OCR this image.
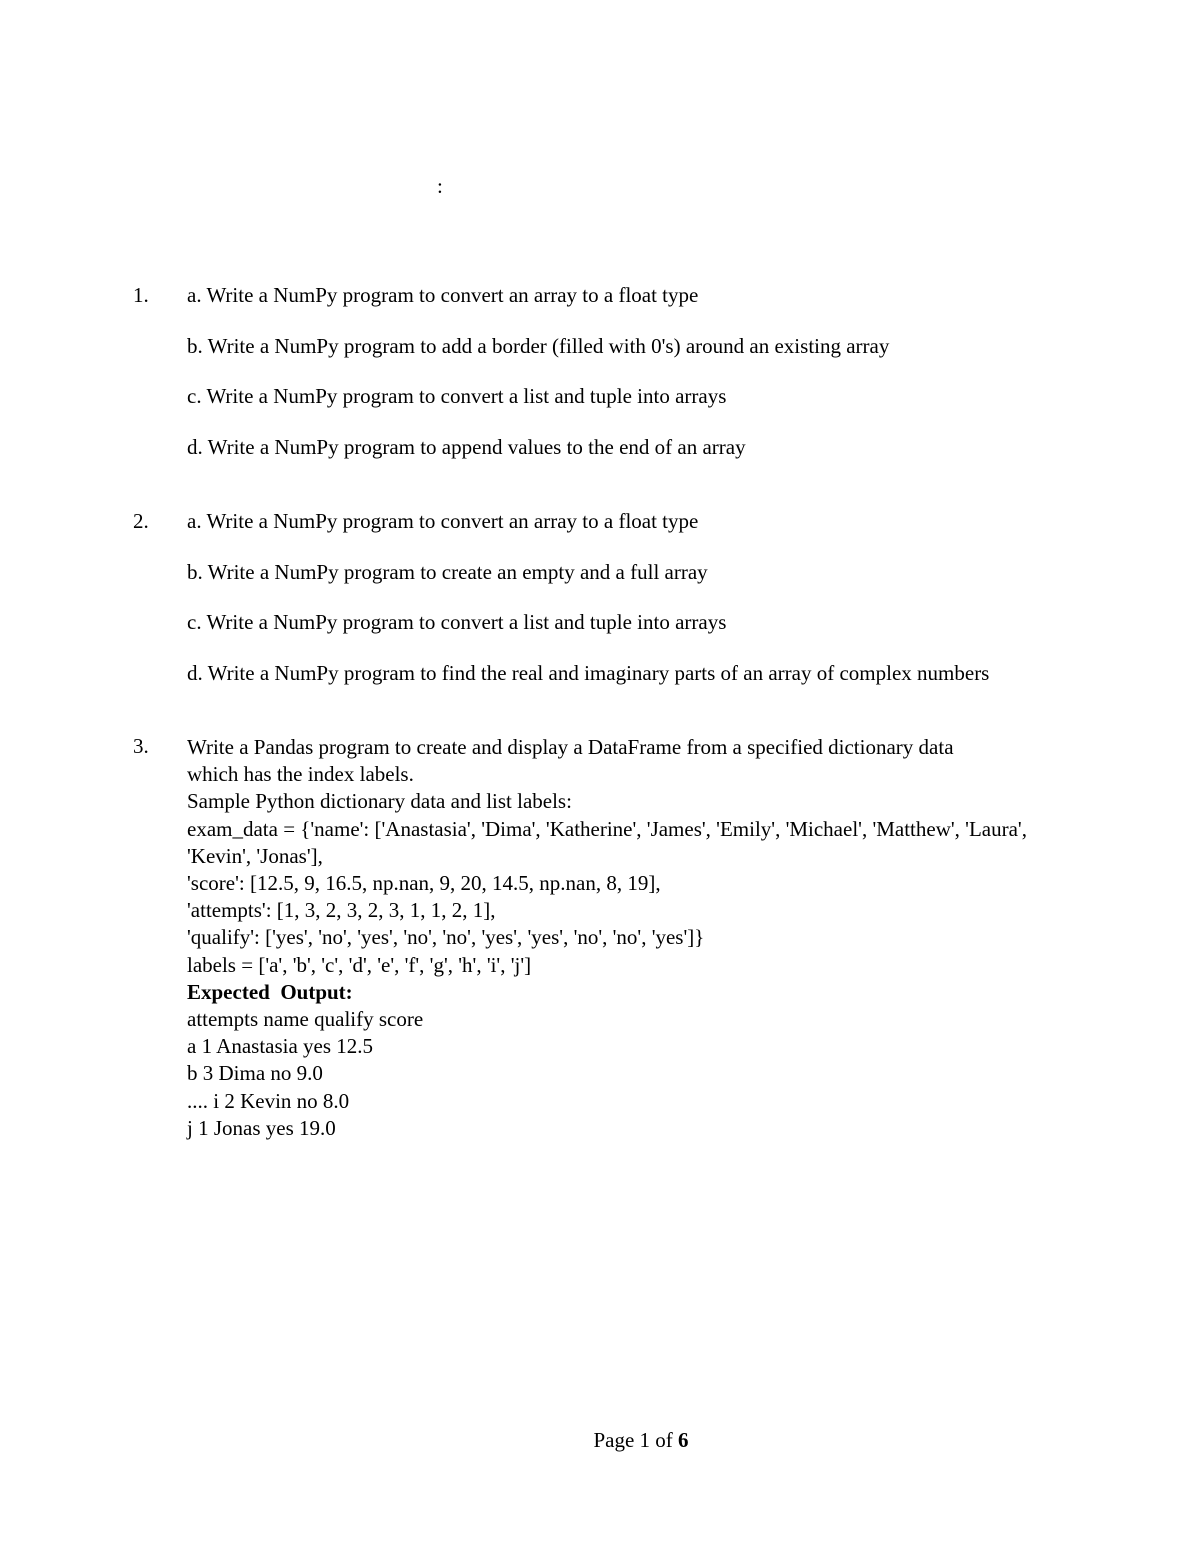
:
1. a. Write a NumPy program to convert an array to a float type
b. Write a NumPy program to add a border (filled with 0's) around an existing array
c. Write a NumPy program to convert a list and tuple into arrays
d. Write a NumPy program to append values to the end of an array
2. a. Write a NumPy program to convert an array to a float type
b. Write a NumPy program to create an empty and a full array
c. Write a NumPy program to convert a list and tuple into arrays
d. Write a NumPy program to find the real and imaginary parts of an array of complex numbers
3. Write a Pandas program to create and display a DataFrame from a specified dictionary data
which has the index labels.
Sample Python dictionary data and list labels:
exam_data = {'name': ['Anastasia', 'Dima', 'Katherine', 'James', 'Emily', 'Michael', 'Matthew', 'Laura',
'Kevin', 'Jonas'],
'score': [12.5, 9, 16.5, np.nan, 9, 20, 14.5, np.nan, 8, 19],
'attempts': [1, 3, 2, 3, 2, 3, 1, 1, 2, 1],
'qualify': ['yes', 'no', 'yes', 'no', 'no', 'yes', 'yes', 'no', 'no', 'yes']}
labels = ['a', 'b', 'c', 'd', 'e', 'f', 'g', 'h', 'i', 'j']
Expected  Output:
attempts name qualify score
a 1 Anastasia yes 12.5
b 3 Dima no 9.0
.... i 2 Kevin no 8.0
j 1 Jonas yes 19.0
Page 1 of 6
